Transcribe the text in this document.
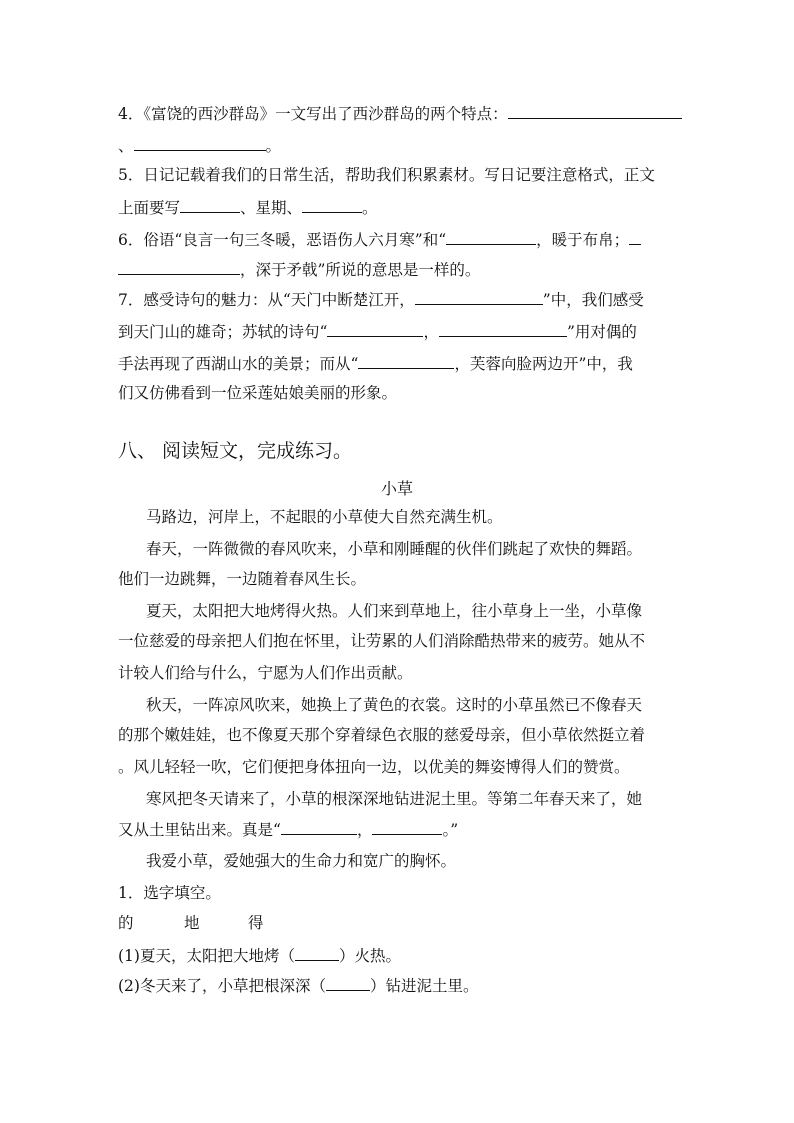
4．《富饶的西沙群岛》一文写出了西沙群岛的两个特点：
、	。
5．日记记载着我们的日常生活，帮助我们积累素材。写日记要注意格式，正文
上面要写	、星期、	。
6．俗语“良言一句三冬暖，恶语伤人六月寒”和“	，暖于布帛；
，深于矛戟”所说的意思是一样的。
7．感受诗句的魅力：从“天门中断楚江开，	”中，我们感受
到天门山的雄奇；苏轼的诗句“	，	”用对偶的
手法再现了西湖山水的美景；而从“	，芙蓉向脸两边开”中，我
们又仿佛看到一位采莲姑娘美丽的形象。
八、 阅读短文，完成练习。
小草
马路边，河岸上，不起眼的小草使大自然充满生机。
春天，一阵微微的春风吹来，小草和刚睡醒的伙伴们跳起了欢快的舞蹈。
他们一边跳舞，一边随着春风生长。
夏天，太阳把大地烤得火热。人们来到草地上，往小草身上一坐，小草像
一位慈爱的母亲把人们抱在怀里，让劳累的人们消除酷热带来的疲劳。她从不
计较人们给与什么，宁愿为人们作出贡献。
秋天，一阵凉风吹来，她换上了黄色的衣裳。这时的小草虽然已不像春天
的那个嫩娃娃，也不像夏天那个穿着绿色衣服的慈爱母亲，但小草依然挺立着
。风儿轻轻一吹，它们便把身体扭向一边，以优美的舞姿博得人们的赞赏。
寒风把冬天请来了，小草的根深深地钻进泥土里。等第二年春天来了，她
又从土里钻出来。真是“	，	。”
我爱小草，爱她强大的生命力和宽广的胸怀。
1．选字填空。
的	地	得
(1)夏天，太阳把大地烤（	）火热。
(2)冬天来了，小草把根深深（	）钻进泥土里。
